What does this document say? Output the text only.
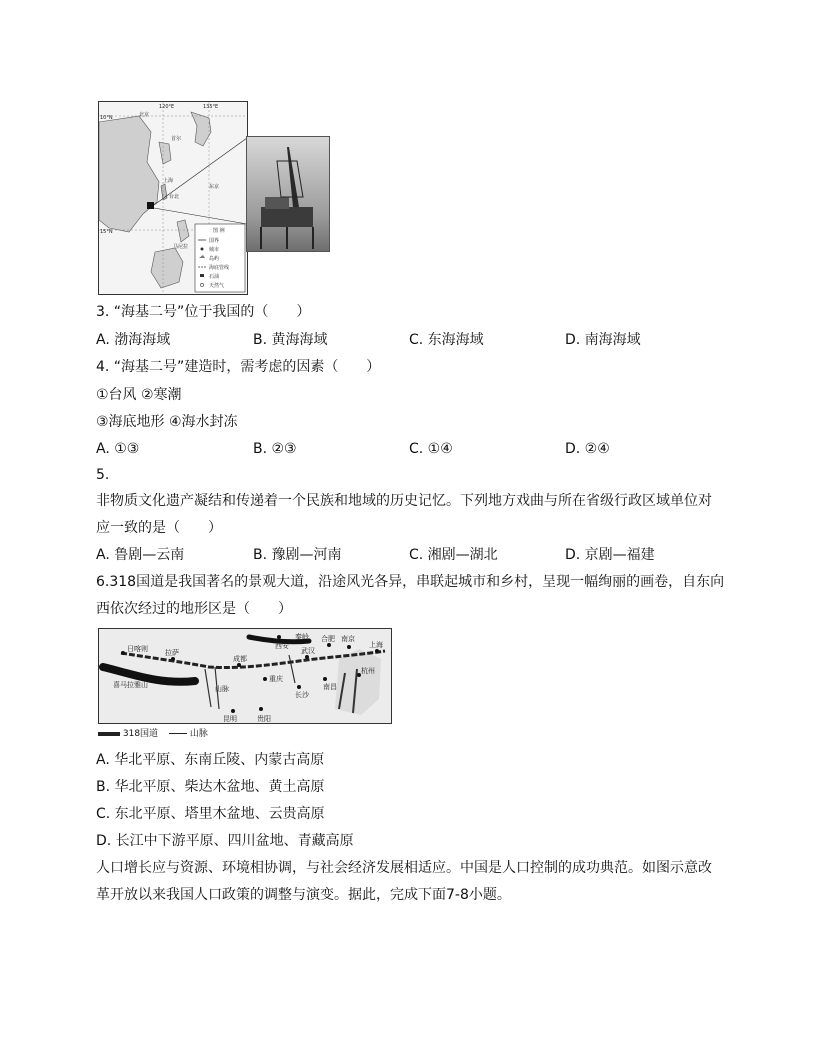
120°E	135°E
10°N
15°N
北京
首尔
东京
上海
台北
马尼拉
图 例
国界
城市
岛屿
海底管线
石油
天然气
3. “海基二号”位于我国的（　　）
A. 渤海海域	B. 黄海海域	C. 东海海域	D. 南海海域
4. “海基二号”建造时，需考虑的因素（　　）
①台风 ②寒潮
③海底地形 ④海水封冻
A. ①③	B. ②③	C. ①④	D. ②④
5.
非物质文化遗产凝结和传递着一个民族和地域的历史记忆。下列地方戏曲与所在省级行政区域单位对
应一致的是（　　）
A. 鲁剧—云南	B. 豫剧—河南	C. 湘剧—湖北	D. 京剧—福建
6.318国道是我国著名的景观大道，沿途风光各异，串联起城市和乡村，呈现一幅绚丽的画卷，自东向
西依次经过的地形区是（　　）
日喀则 拉萨
成都
重庆
武汉
合肥 南京
上海
杭州
长沙
南昌
昆明	贵阳
西安
喜马拉雅山
秦岭
山脉
318国道	山脉
A. 华北平原、东南丘陵、内蒙古高原
B. 华北平原、柴达木盆地、黄土高原
C. 东北平原、塔里木盆地、云贵高原
D. 长江中下游平原、四川盆地、青藏高原
人口增长应与资源、环境相协调，与社会经济发展相适应。中国是人口控制的成功典范。如图示意改
革开放以来我国人口政策的调整与演变。据此，完成下面7-8小题。
